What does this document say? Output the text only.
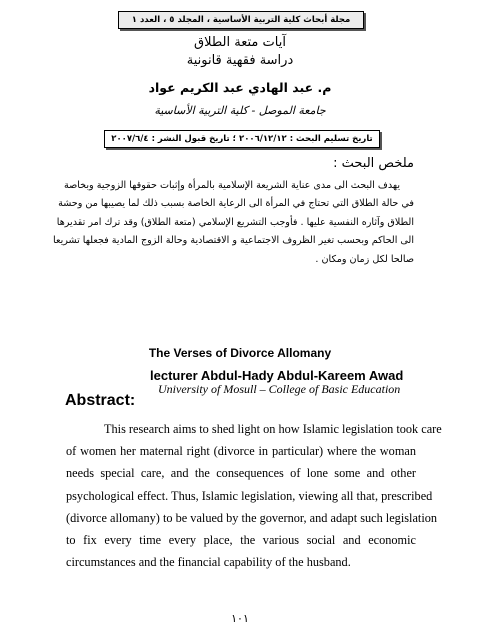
مجلة أبحاث كلية التربية الأساسية ، المجلد ٥ ، العدد ١
آيات متعة الطلاق
دراسة فقهية قانونية
م. عبد الهادي عبد الكريم عواد
جامعة الموصل - كلية التربية الأساسية
تاريخ تسليم البحث : ٢٠٠٦/١٢/١٢ ؛ تاريخ قبول النشر : ٢٠٠٧/٦/٤
ملخص البحث :
يهدف البحث الى مدى عناية الشريعة الإسلامية بالمرأة وإثبات حقوقها الزوجية وبخاصة
في حالة الطلاق التي تحتاج في المرأة الى الرعاية الخاصة بسبب ذلك لما يصيبها من وحشة
الطلاق وآثاره النفسية عليها . فأوجب التشريع الإسلامي (متعة الطلاق) وقد ترك امر تقديرها
الى الحاكم وبحسب تغير الظروف الاجتماعية و الاقتصادية وحالة الزوج المادية فجعلها تشريعا
صالحا لكل زمان ومكان .
The Verses of Divorce Allomany
lecturer Abdul-Hady Abdul-Kareem Awad
University of Mosull – College of Basic Education
Abstract:
This research aims to shed light on how Islamic legislation took care
of women her maternal right (divorce in particular) where the woman
needs special care, and the consequences of lone some and other
psychological effect. Thus, Islamic legislation, viewing all that, prescribed
(divorce allomany) to be valued by the governor, and adapt such legislation
to fix every time every place, the various social and economic
circumstances and the financial capability of the husband.
١٠١
